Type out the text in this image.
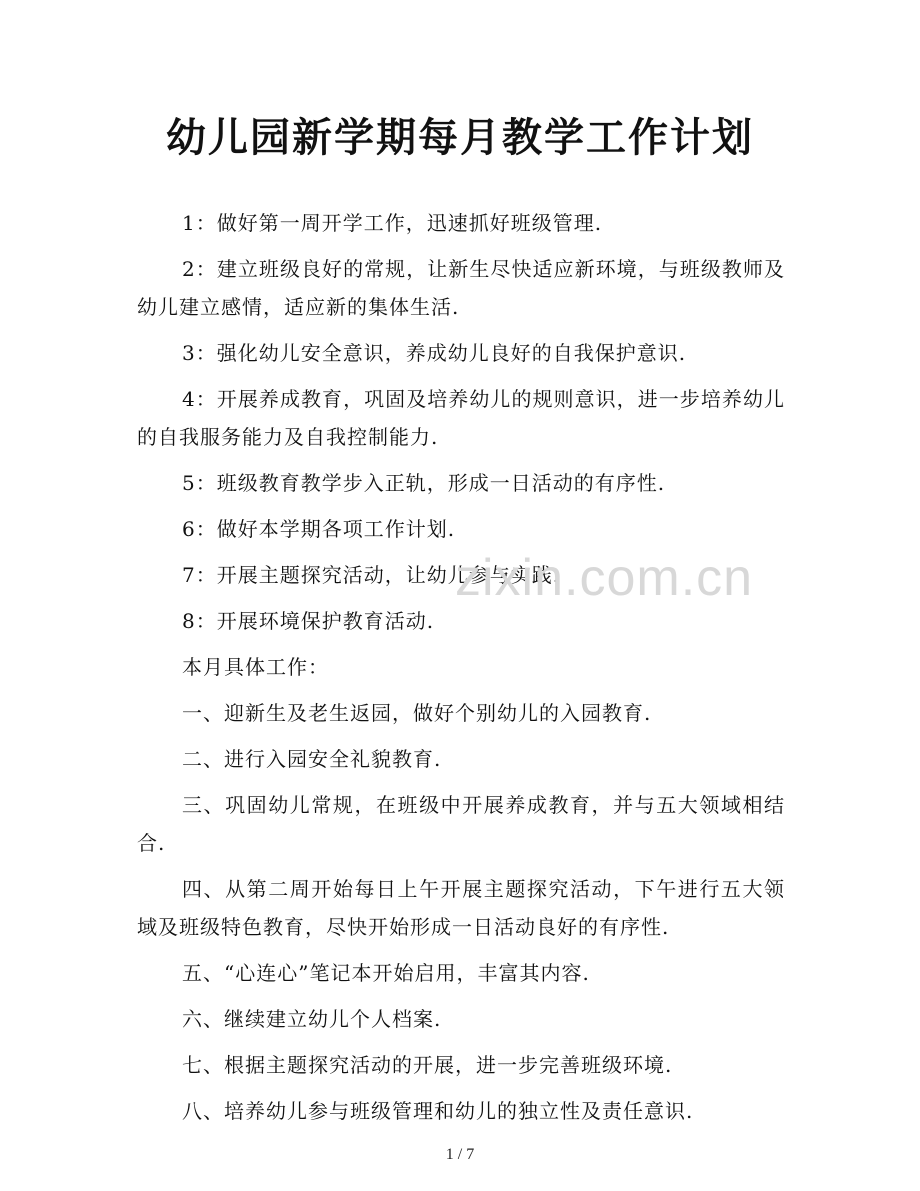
幼儿园新学期每月教学工作计划

1：做好第一周开学工作，迅速抓好班级管理.

2：建立班级良好的常规，让新生尽快适应新环境，与班级教师及幼儿建立感情，适应新的集体生活.

3：强化幼儿安全意识，养成幼儿良好的自我保护意识.

4：开展养成教育，巩固及培养幼儿的规则意识，进一步培养幼儿的自我服务能力及自我控制能力.

5：班级教育教学步入正轨，形成一日活动的有序性.

6：做好本学期各项工作计划.

7：开展主题探究活动，让幼儿参与实践.

8：开展环境保护教育活动.

本月具体工作：

一、迎新生及老生返园，做好个别幼儿的入园教育.

二、进行入园安全礼貌教育.

三、巩固幼儿常规，在班级中开展养成教育，并与五大领域相结合.

四、从第二周开始每日上午开展主题探究活动，下午进行五大领域及班级特色教育，尽快开始形成一日活动良好的有序性.

五、“心连心”笔记本开始启用，丰富其内容.

六、继续建立幼儿个人档案.

七、根据主题探究活动的开展，进一步完善班级环境.

八、培养幼儿参与班级管理和幼儿的独立性及责任意识.

zixin.com.cn
1 / 7
